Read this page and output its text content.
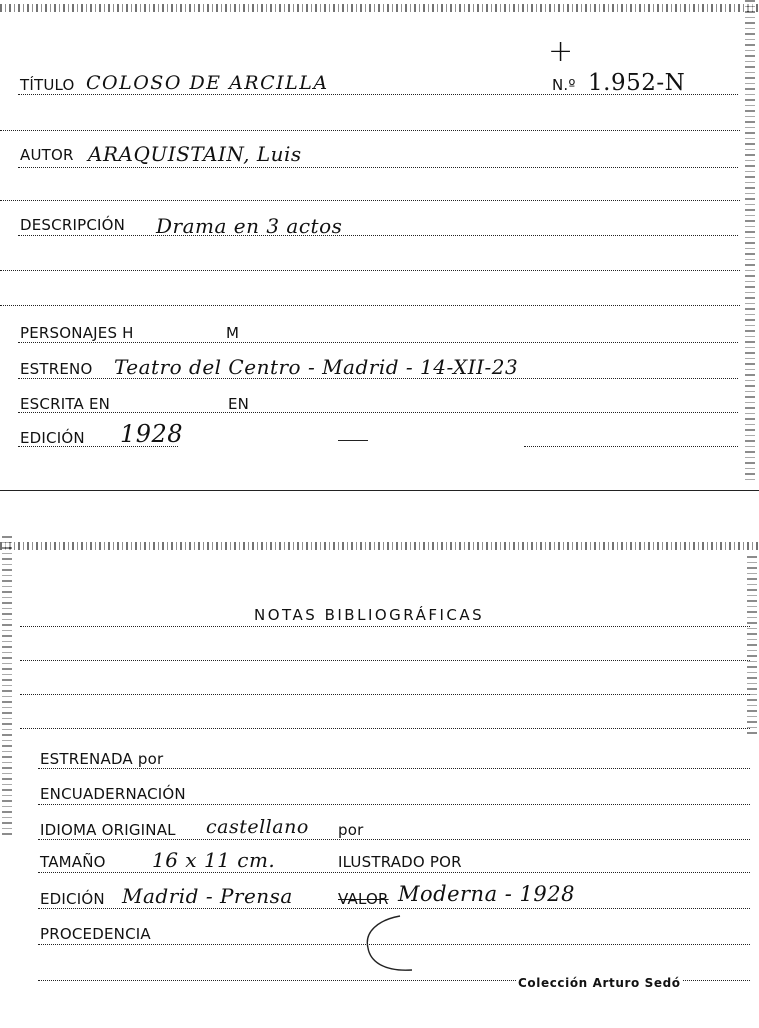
+
TÍTULO COLOSO DE ARCILLA	N.º 1.952-N
AUTOR ARAQUISTAIN, Luis
DESCRIPCIÓN Drama en 3 actos
PERSONAJES H	M
ESTRENO Teatro del Centro - Madrid - 14-XII-23
ESCRITA EN	EN
EDICIÓN 1928
NOTAS BIBLIOGRÁFICAS
ESTRENADA por
ENCUADERNACIÓN
IDIOMA ORIGINAL castellano por
TAMAÑO 16 x 11 cm.	ILUSTRADO POR
EDICIÓN Madrid - Prensa	VALOR Moderna - 1928
PROCEDENCIA
Colección Arturo Sedó
